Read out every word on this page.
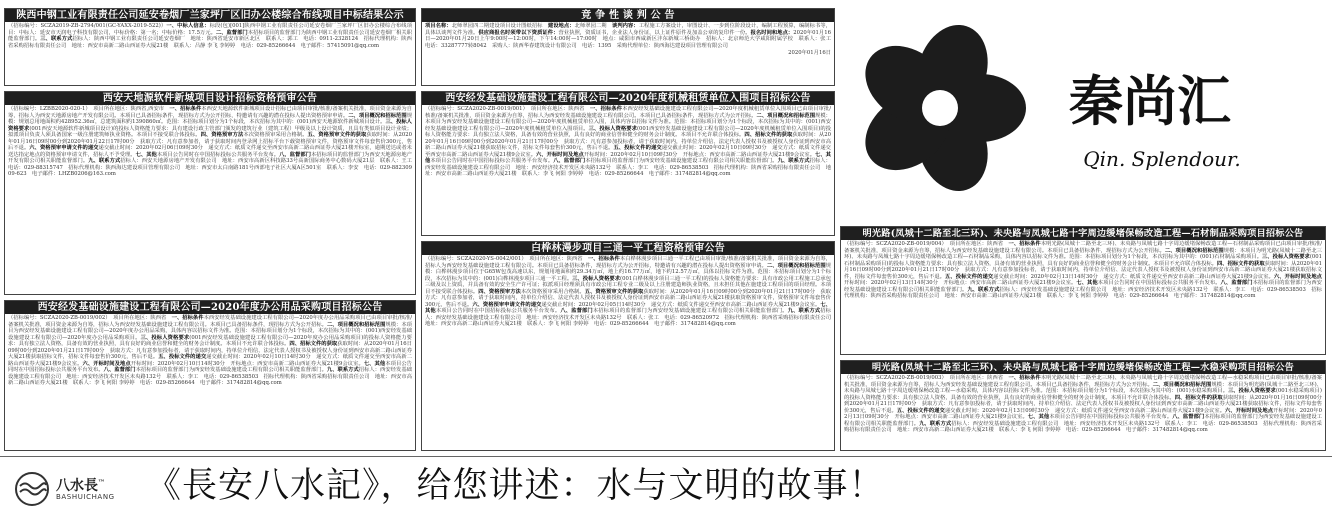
陕西中钢工业有限责任公司延安卷烟厂兰家坪厂区旧办公楼综合布线项目中标结果公示
（招标编号：SCZA2019-ZB-2794/001(GC-YAXX-2019-522)）一、中标人信息：标段(包)[001]陕西中钢工业有限责任公司延安卷烟厂兰家坪厂区旧办公楼综合布线项目：中标人：延安市天润电子科技有限公司，中标价格：第一名；中标价格：17.5万元。二、监督部门本招标项目的监督部门为陕西中钢工业有限责任公司延安卷烟厂相关职能监督部门。三、联系方式招标人：陕西中钢工业有限责任公司延安卷烟厂　地址：陕西省延安市新区北区　联系人：郭工　电话：0911-2328124　招标代理机构：陕西省采购招标有限责任公司　地址：西安市高新二路山西证券大厦21楼　联系人：吕静 李飞 李婷婷　电话：029-85266644　电子邮件：57415091@qq.com
竞 争 性 谈 判 公 告
项目名称：北师翠园四二期建设项目设计图纸招标　建设地点：北师翠园二期　谈判内容：工程施工方案设计，审图设计、一步到位阶段设计，编制工程预算，编制标书等，具体以谈判文件为准。供应商报名时须带以下资质证件：营业执照，资质证书，企业法人身份证，以上证件原件及加盖公章的复印件一份。报名时间和地点：2020年01月16日—2020年01月20日上午9:00时—12:00时，下午14:00时—17:00时　地点：咸阳市西咸新区沣东新城三桥街办　招标人：北京师范大学咸阳附属学校　联系人：张工　电话：33287777转8042　采购人：陕西华春建筑设计有限公司　电话：1395　采购代理单位：陕西海达建设项目管理有限公司
2020年01月16日
秦尚汇
Qin. Splendour.
西安天地源软件新城项目设计招标资格预审公告
（招标编号：LZBB2020-020-1）　项目所在地区：陕西省,西安市　一、招标条件本西安天地源软件新城项目设计招标已由项目审批/核准/备案机关批准，项目资金来源为自筹，招标人为西安天地源房地产开发有限公司。本项目已具备招标条件，现招标方式为公开招标，特邀请有兴趣的潜在投标人提出资格预审申请。二、项目概况和招标范围规模：规划总用地面积约428952.36㎡，总建筑面积约1390860㎡。范围：本招标项目划分为1个标段，本次招标为其中的：(001)西安天地源软件新城项目设计。三、投标人资格要求(001西安天地源软件新城项目设计)的投标人资格能力要求：具有建设行政主管部门颁发的建筑行业（建筑工程）甲级及以上设计资质，且具有类似项目设计业绩；拟派项目负责人须具备国家一级注册建筑师执业资格。本项目不接受联合体投标。四、资格预审方法本次资格预审采用合格制。五、资格预审文件的获取获取时间：从2020年01月16日09时00分到2020年01月22日17时00分　获取方式：凡有意参加者，请于获取时间内登录网上招标平台下载资格预审文件，资格预审文件每套售价300元，售后不退。六、资格预审申请文件的递交递交截止时间：2020年02月06日09时30分　递交方式：纸质文件递交至西安市高新二路山西证券大厦21楼开标室，逾期送达或者未送达指定地点的资格预审申请文件，招标人不予受理。七、其他本项目公告同时在中国招标投标公共服务平台发布。八、监督部门本招标项目的监督部门为西安天地源房地产开发有限公司相关职能监督部门。九、联系方式招标人：西安天地源房地产开发有限公司　地址：西安市高新区科技路33号高新国际商务中心数码大厦21层　联系人：王工　电话：029-88315747　招标代理机构：陕西海达建设项目管理有限公司　地址：西安市太白南路181号西部电子社区大厦A区501室　联系人：李安　电话：029-88230909-623　电子邮件：LHZB0206@163.com
西安经发基础设施建设工程有限公司—2020年度机械租赁单位入围项目招标公告
（招标编号：SCZA2020-ZB-0019/001）　项目所在地区：陕西省　一、招标条件本西安经发基础设施建设工程有限公司—2020年度机械租赁单位入围项目已由项目审批/核准/备案机关批准，项目资金来源为自筹，招标人为西安经发基础设施建设工程有限公司。本项目已具备招标条件，现招标方式为公开招标。二、项目概况和招标范围规模：本项目为西安经发基础设施建设工程有限公司—2020年度机械租赁单位入围，具体内容以招标文件为准。范围：本招标项目划分为1个标段，本次招标为其中的：(001)西安经发基础设施建设工程有限公司—2020年度机械租赁单位入围项目。三、投标人资格要求(001西安经发基础设施建设工程有限公司—2020年度机械租赁单位入围项目)的投标人资格能力要求：具有独立法人资格，具备有效的营业执照，具有良好的商业信誉和健全的财务会计制度。本项目不允许联合体投标。四、招标文件的获取获取时间：从2020年01月16日09时00分到2020年01月21日17时00分　获取方式：凡有意参加投标者，请于获取时间内，持单位介绍信、法定代表人授权书及被授权人身份证到西安市高新二路山西证券大厦21楼获取招标文件，招标文件每套售价300元，售后不退。五、投标文件的递交递交截止时间：2020年02月10日09时30分　递交方式：纸质文件递交至西安市高新二路山西证券大厦21楼9会议室。六、开标时间及地点开标时间：2020年02月10日09时30分　开标地点：西安市高新二路山西证券大厦21楼9会议室。七、其他本项目公告同时在中国招标投标公共服务平台发布。八、监督部门本招标项目的监督部门为西安经发基础设施建设工程有限公司相关职能监督部门。九、联系方式招标人：西安经发基础设施建设工程有限公司　地址：西安经济技术开发区未央路132号　联系人：李工　电话：029-86538503　招标代理机构：陕西省采购招标有限责任公司　地址：西安市高新二路山西证券大厦21楼　联系人：李飞 何阳 李婷婷　电话：029-85266644　电子邮件：317482814@qq.com
白桦林漫步项目三通一平工程资格预审公告
（招标编号：SCZA2020-YS-0042/001）　项目所在地区：陕西省　一、招标条件本白桦林漫步项目三通一平工程已由项目审批/核准/备案机关批准，项目资金来源为自筹，招标人为西安经发基础设施建设工程有限公司。本项目已具备招标条件，现招标方式为公开招标，特邀请有兴趣的潜在投标人提出资格预审申请。二、项目概况和招标范围规模：白桦林漫步项目位于G65W包茂高速以东，规划用地面积约29.34万㎡，地上约16.77万㎡，地下约12.57万㎡，具体以招标文件为准。范围：本招标项目划分为1个标段，本次招标为其中的：(001)白桦林漫步项目三通一平工程。三、投标人资格要求(001白桦林漫步项目三通一平工程)的投标人资格能力要求：具有市政公用工程施工总承包三级及以上资质，并具备有效的安全生产许可证；拟派项目经理须具有市政公用工程专业二级及以上注册建造师执业资格，且未担任其他在施建设工程项目的项目经理。本项目不接受联合体投标。四、资格预审方法本次资格预审采用合格制。五、资格预审文件的获取获取时间：从2020年01月16日09时00分到2020年01月21日17时00分　获取方式：凡有意参加者，请于获取时间内，持单位介绍信、法定代表人授权书及被授权人身份证到西安市高新二路山西证券大厦21楼获取资格预审文件，资格预审文件每套售价300元，售后不退。六、资格预审申请文件的递交递交截止时间：2020年02月05日14时30分　递交方式：纸质文件递交至西安市高新二路山西证券大厦21楼9会议室。七、其他本项目公告同时在中国招标投标公共服务平台发布。八、监督部门本招标项目的监督部门为西安经发基础设施建设工程有限公司相关职能监督部门。九、联系方式招标人：西安经发基础设施建设工程有限公司　地址：西安经济技术开发区未央路132号　联系人：张工　电话：029-86520972　招标代理机构：陕西省采购招标有限责任公司　地址：西安市高新二路山西证券大厦21楼　联系人：李飞 何阳 李婷婷　电话：029-85266644　电子邮件：317482814@qq.com
西安经发基础设施建设工程有限公司—2020年度办公用品采购项目招标公告
（招标编号：SCZA2020-ZB-0019/002）　项目所在地区：陕西省　一、招标条件本西安经发基础设施建设工程有限公司—2020年度办公用品采购项目已由项目审批/核准/备案机关批准，项目资金来源为自筹，招标人为西安经发基础设施建设工程有限公司。本项目已具备招标条件，现招标方式为公开招标。二、项目概况和招标范围规模：本项目为西安经发基础设施建设工程有限公司—2020年度办公用品采购，具体内容以招标文件为准。范围：本招标项目划分为1个标段，本次招标为其中的：(001)西安经发基础设施建设工程有限公司—2020年度办公用品采购项目。三、投标人资格要求(001西安经发基础设施建设工程有限公司—2020年度办公用品采购项目)的投标人资格能力要求：具有独立法人资格，具备有效的营业执照，具有良好的商业信誉和健全的财务会计制度。本项目不允许联合体投标。四、招标文件的获取获取时间：从2020年01月16日09时00分到2020年01月21日17时00分　获取方式：凡有意参加投标者，请于获取时间内，持单位介绍信、法定代表人授权书及被授权人身份证到西安市高新二路山西证券大厦21楼获取招标文件，招标文件每套售价300元，售后不退。五、投标文件的递交递交截止时间：2020年02月10日14时30分　递交方式：纸质文件递交至西安市高新二路山西证券大厦21楼9会议室。六、开标时间及地点开标时间：2020年02月10日14时30分　开标地点：西安市高新二路山西证券大厦21楼9会议室。七、其他本项目公告同时在中国招标投标公共服务平台发布。八、监督部门本招标项目的监督部门为西安经发基础设施建设工程有限公司相关职能监督部门。九、联系方式招标人：西安经发基础设施建设工程有限公司　地址：西安经济技术开发区未央路132号　联系人：李工　电话：029-86538503　招标代理机构：陕西省采购招标有限责任公司　地址：西安市高新二路山西证券大厦21楼　联系人：李飞 何阳 李婷婷　电话：029-85266644　电子邮件：317482814@qq.com
明光路(凤城十二路至北三环)、未央路与凤城七路十字周边缓堵保畅改造工程—石材制品采购项目招标公告
（招标编号：SCZA2020-ZB-0019/004）　项目所在地区：陕西省　一、招标条件本明光路(凤城十二路至北三环)、未央路与凤城七路十字周边缓堵保畅改造工程—石材制品采购项目已由项目审批/核准/备案机关批准，项目资金来源为自筹，招标人为西安经发基础设施建设工程有限公司。本项目已具备招标条件，现招标方式为公开招标。二、项目概况和招标范围规模：本项目为明光路(凤城十二路至北三环)、未央路与凤城七路十字周边缓堵保畅改造工程—石材制品采购，具体内容以招标文件为准。范围：本招标项目划分为1个标段，本次招标为其中的：(001)石材制品采购项目。三、投标人资格要求(001石材制品采购项目)的投标人资格能力要求：具有独立法人资格，具备有效的营业执照，具有良好的商业信誉和健全的财务会计制度。本项目不允许联合体投标。四、招标文件的获取获取时间：从2020年01月16日09时00分到2020年01月21日17时00分　获取方式：凡有意参加投标者，请于获取时间内，持单位介绍信、法定代表人授权书及被授权人身份证到西安市高新二路山西证券大厦21楼获取招标文件，招标文件每套售价300元，售后不退。五、投标文件的递交递交截止时间：2020年02月13日14时30分　递交方式：纸质文件递交至西安市高新二路山西证券大厦21楼9会议室。六、开标时间及地点开标时间：2020年02月13日14时30分　开标地点：西安市高新二路山西证券大厦21楼9会议室。七、其他本项目公告同时在中国招标投标公共服务平台发布。八、监督部门本招标项目的监督部门为西安经发基础设施建设工程有限公司相关职能监督部门。九、联系方式招标人：西安经发基础设施建设工程有限公司　地址：西安经济技术开发区未央路132号　联系人：李工　电话：029-86538503　招标代理机构：陕西省采购招标有限责任公司　地址：西安市高新二路山西证券大厦21楼　联系人：李飞 何阳 李婷婷　电话：029-85266644　电子邮件：317482814@qq.com
明光路(凤城十二路至北三环)、未央路与凤城七路十字周边缓堵保畅改造工程—水稳采购项目招标公告
（招标编号：SCZA2020-ZB-0019/003）　项目所在地区：陕西省　一、招标条件本明光路(凤城十二路至北三环)、未央路与凤城七路十字周边缓堵保畅改造工程—水稳采购项目已由项目审批/核准/备案机关批准，项目资金来源为自筹，招标人为西安经发基础设施建设工程有限公司。本项目已具备招标条件，现招标方式为公开招标。二、项目概况和招标范围规模：本项目为明光路(凤城十二路至北三环)、未央路与凤城七路十字周边缓堵保畅改造工程—水稳采购，具体内容以招标文件为准。范围：本招标项目划分为1个标段，本次招标为其中的：(001)水稳采购项目。三、投标人资格要求(001水稳采购项目)的投标人资格能力要求：具有独立法人资格，具备有效的营业执照，具有良好的商业信誉和健全的财务会计制度。本项目不允许联合体投标。四、招标文件的获取获取时间：从2020年01月16日09时00分到2020年01月21日17时00分　获取方式：凡有意参加投标者，请于获取时间内，持单位介绍信、法定代表人授权书及被授权人身份证到西安市高新二路山西证券大厦21楼获取招标文件，招标文件每套售价300元，售后不退。五、投标文件的递交递交截止时间：2020年02月13日09时30分　递交方式：纸质文件递交至西安市高新二路山西证券大厦21楼9会议室。六、开标时间及地点开标时间：2020年02月13日09时30分　开标地点：西安市高新二路山西证券大厦21楼9会议室。七、其他本项目公告同时在中国招标投标公共服务平台发布。八、监督部门本招标项目的监督部门为西安经发基础设施建设工程有限公司相关职能监督部门。九、联系方式招标人：西安经发基础设施建设工程有限公司　地址：西安经济技术开发区未央路132号　联系人：李工　电话：029-86538503　招标代理机构：陕西省采购招标有限责任公司　地址：西安市高新二路山西证券大厦21楼　联系人：李飞 何阳 李婷婷　电话：029-85266644　电子邮件：317482814@qq.com
八水長™
BASHUICHANG 《長安八水記》，给您讲述：水与文明的故事！
